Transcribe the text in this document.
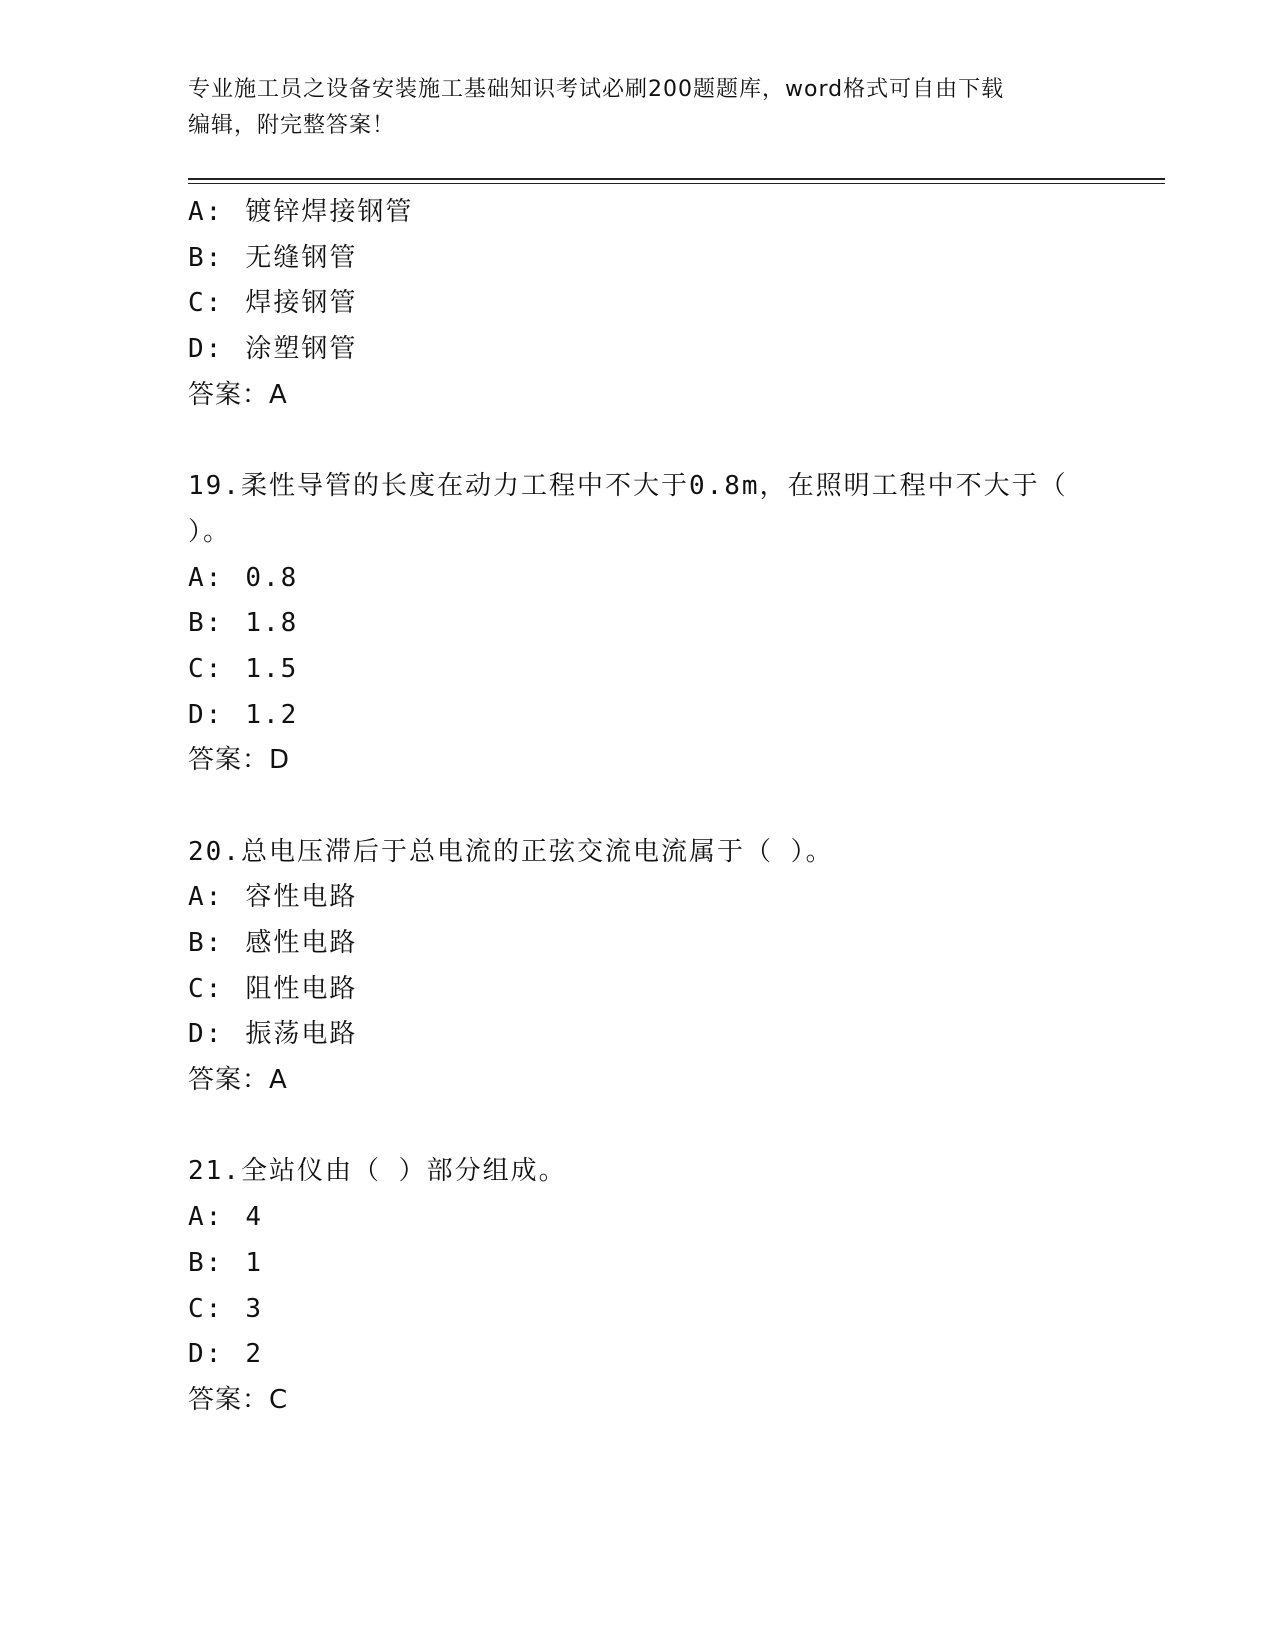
专业施工员之设备安装施工基础知识考试必刷200题题库，word格式可自由下载
编辑，附完整答案！
A: 镀锌焊接钢管
B: 无缝钢管
C: 焊接钢管
D: 涂塑钢管
答案：A
19.柔性导管的长度在动力工程中不大于0.8m，在照明工程中不大于（
）。
A: 0.8
B: 1.8
C: 1.5
D: 1.2
答案：D
20.总电压滞后于总电流的正弦交流电流属于（ ）。
A: 容性电路
B: 感性电路
C: 阻性电路
D: 振荡电路
答案：A
21.全站仪由（ ）部分组成。
A: 4
B: 1
C: 3
D: 2
答案：C
